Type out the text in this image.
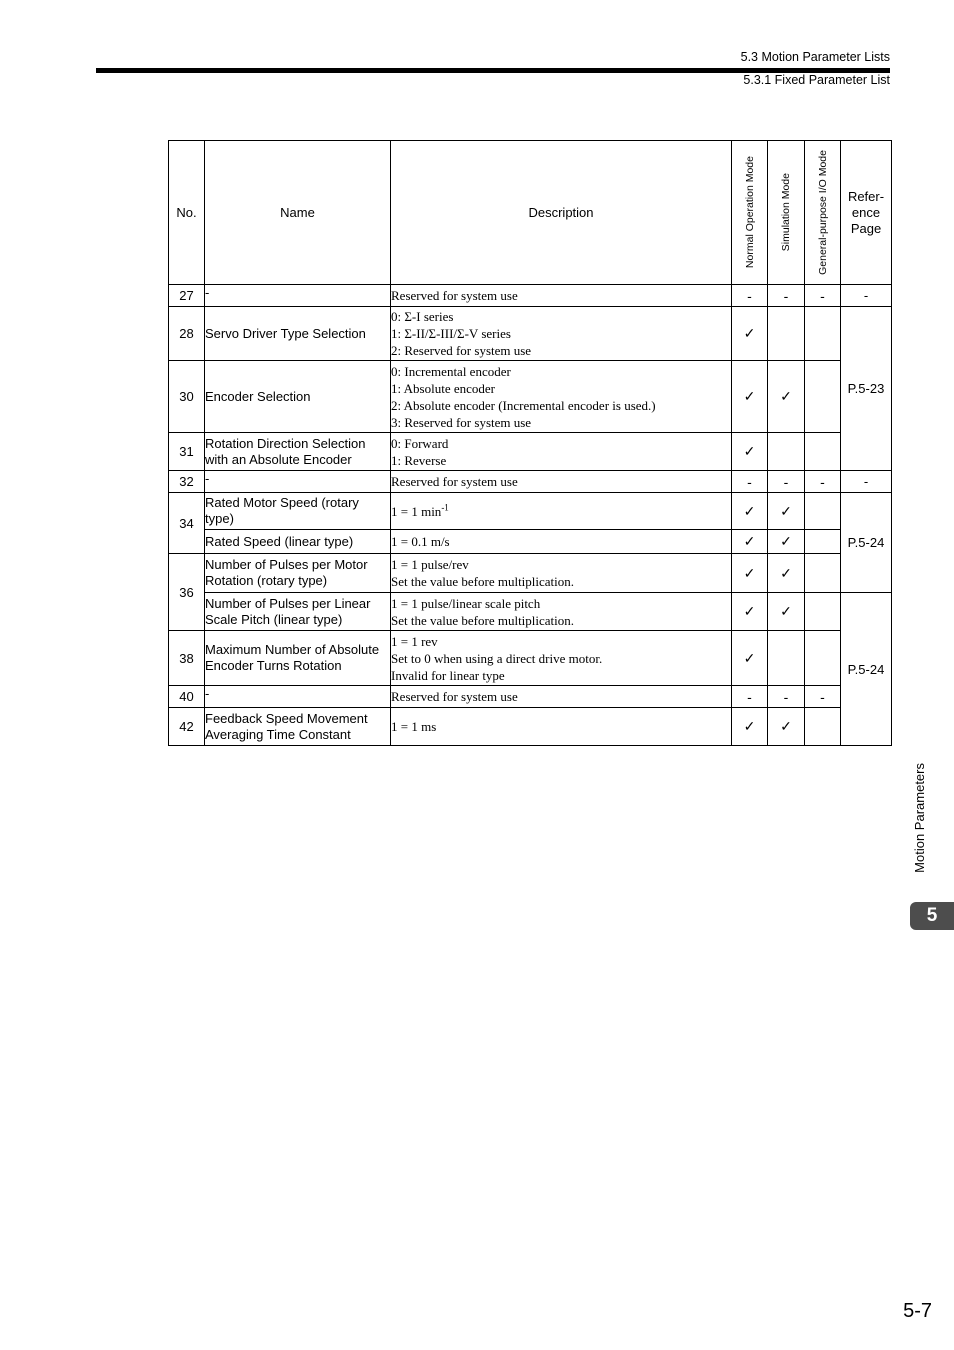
5.3 Motion Parameter Lists
5.3.1 Fixed Parameter List
No.	Name	Description	Normal Operation Mode	Simulation Mode	General-purpose I/O Mode	Refer-
ence
Page

27	-	Reserved for system use	-	-	-	-
28	Servo Driver Type Selection	0: Σ-I series
1: Σ-II/Σ-III/Σ-V series
2: Reserved for system use	✓			P.5-23
30	Encoder Selection	0: Incremental encoder
1: Absolute encoder
2: Absolute encoder (Incremental encoder is used.)
3: Reserved for system use	✓	✓		
31	Rotation Direction Selection with an Absolute Encoder	0: Forward
1: Reverse	✓			
32	-	Reserved for system use	-	-	-	-
34	Rated Motor Speed (rotary type)	1 = 1 $\min^{-1}$	✓	✓		P.5-24
	Rated Speed (linear type)	1 = 0.1 m/s	✓	✓		
36	Number of Pulses per Motor Rotation (rotary type)	1 = 1 pulse/rev
Set the value before multiplication.	✓	✓		
	Number of Pulses per Linear Scale Pitch (linear type)	1 = 1 pulse/linear scale pitch
Set the value before multiplication.	✓	✓		P.5-24
38	Maximum Number of Absolute Encoder Turns Rotation	1 = 1 rev
Set to 0 when using a direct drive motor.
Invalid for linear type	✓			
40	-	Reserved for system use	-	-	-	
42	Feedback Speed Movement Averaging Time Constant	1 = 1 ms	✓	✓		
Motion Parameters
5
5-7
